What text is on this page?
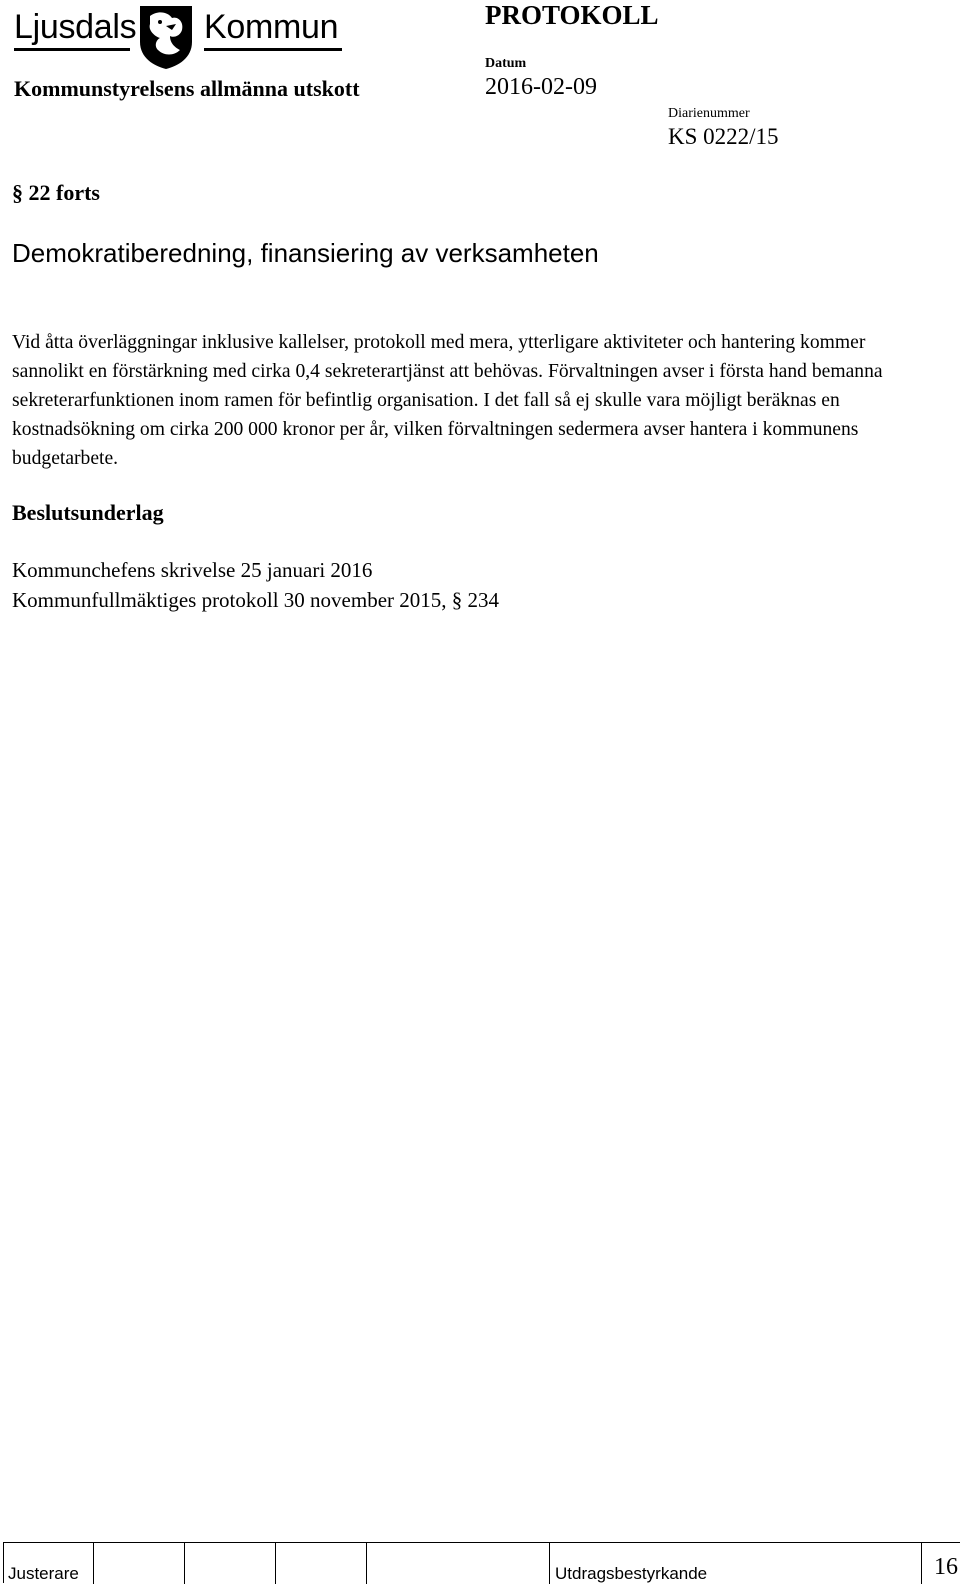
Ljusdals Kommun	PROTOKOLL
Kommunstyrelsens allmänna utskott
Datum
2016-02-09
Diarienummer
KS 0222/15
§ 22 forts
Demokratiberedning, finansiering av verksamheten
Vid åtta överläggningar inklusive kallelser, protokoll med mera, ytterligare aktiviteter och hantering kommer sannolikt en förstärkning med cirka 0,4 sekreterartjänst att behövas. Förvaltningen avser i första hand bemanna sekreterarfunktionen inom ramen för befintlig organisation. I det fall så ej skulle vara möjligt beräknas en kostnadsökning om cirka 200 000 kronor per år, vilken förvaltningen sedermera avser hantera i kommunens budgetarbete.
Beslutsunderlag
Kommunchefens skrivelse 25 januari 2016
Kommunfullmäktiges protokoll 30 november 2015, § 234
Justerare	Utdragsbestyrkande	16
